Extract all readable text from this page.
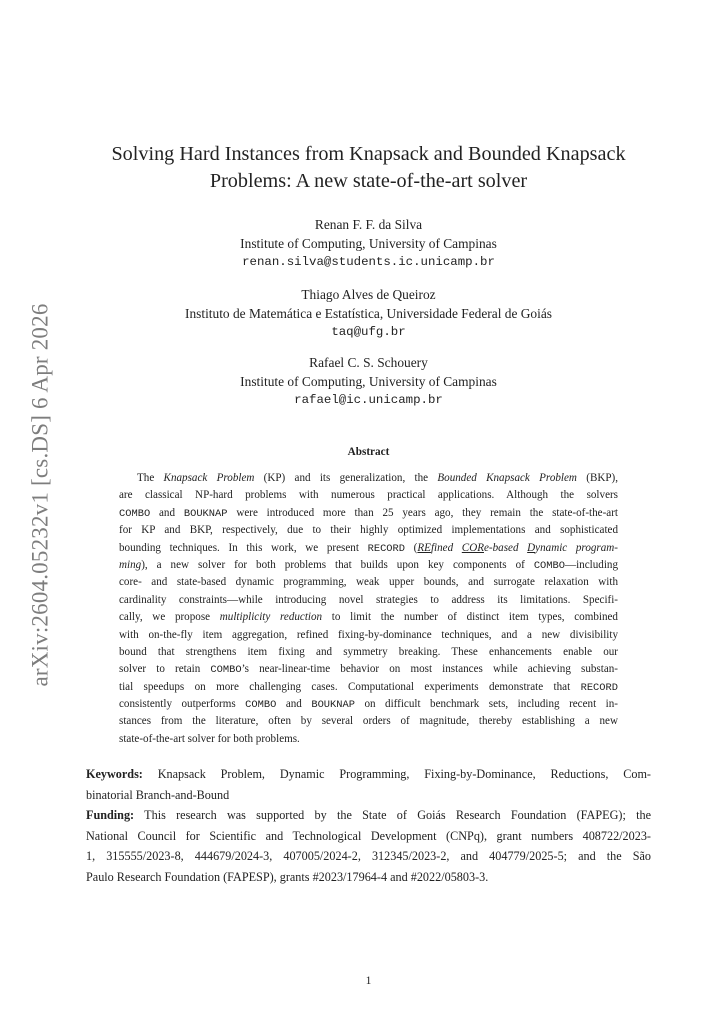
arXiv:2604.05232v1 [cs.DS] 6 Apr 2026
Solving Hard Instances from Knapsack and Bounded Knapsack
Problems: A new state-of-the-art solver
Renan F. F. da Silva
Institute of Computing, University of Campinas
renan.silva@students.ic.unicamp.br
Thiago Alves de Queiroz
Instituto de Matemática e Estatística, Universidade Federal de Goiás
taq@ufg.br
Rafael C. S. Schouery
Institute of Computing, University of Campinas
rafael@ic.unicamp.br
Abstract
The Knapsack Problem (KP) and its generalization, the Bounded Knapsack Problem (BKP),
are classical NP-hard problems with numerous practical applications. Although the solvers
COMBO and BOUKNAP were introduced more than 25 years ago, they remain the state-of-the-art
for KP and BKP, respectively, due to their highly optimized implementations and sophisticated
bounding techniques. In this work, we present RECORD (REfined CORe-based Dynamic program-
ming), a new solver for both problems that builds upon key components of COMBO—including
core- and state-based dynamic programming, weak upper bounds, and surrogate relaxation with
cardinality constraints—while introducing novel strategies to address its limitations. Specifi-
cally, we propose multiplicity reduction to limit the number of distinct item types, combined
with on-the-fly item aggregation, refined fixing-by-dominance techniques, and a new divisibility
bound that strengthens item fixing and symmetry breaking. These enhancements enable our
solver to retain COMBO’s near-linear-time behavior on most instances while achieving substan-
tial speedups on more challenging cases. Computational experiments demonstrate that RECORD
consistently outperforms COMBO and BOUKNAP on difficult benchmark sets, including recent in-
stances from the literature, often by several orders of magnitude, thereby establishing a new
state-of-the-art solver for both problems.
Keywords: Knapsack Problem, Dynamic Programming, Fixing-by-Dominance, Reductions, Com-
binatorial Branch-and-Bound
Funding: This research was supported by the State of Goiás Research Foundation (FAPEG); the
National Council for Scientific and Technological Development (CNPq), grant numbers 408722/2023-
1, 315555/2023-8, 444679/2024-3, 407005/2024-2, 312345/2023-2, and 404779/2025-5; and the São
Paulo Research Foundation (FAPESP), grants #2023/17964-4 and #2022/05803-3.
1
